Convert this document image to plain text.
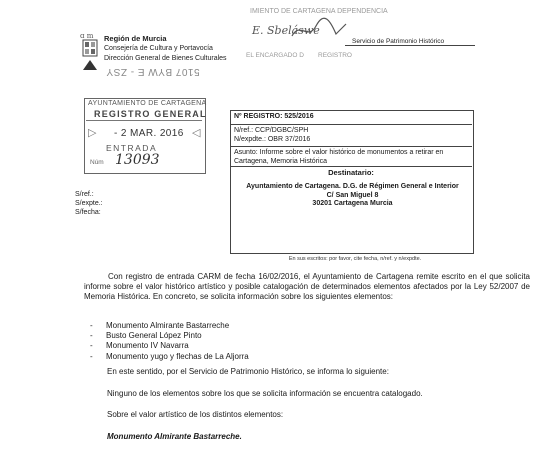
ɑ m Región de Murcia
Consejería de Cultura y Portavocía
Dirección General de Bienes Culturales
5107 BYW E - ZSY
IMIENTO DE CARTAGENA DEPENDENCIA
E. Sbeláswe
EL ENCARGADO D REGISTRO
Servicio de Patrimonio Histórico
AYUNTAMIENTO DE CARTAGENA
REGISTRO GENERAL
▷ - 2 MAR. 2016 ◁
ENTRADA
Núm 13093
Nº REGISTRO: 525/2016
N/ref.: CCP/DGBC/SPH
N/expdte.: OBR 37/2016
Asunto: Informe sobre el valor histórico de monumentos a retirar en Cartagena, Memoria Histórica
Destinatario:
Ayuntamiento de Cartagena. D.G. de Régimen General e Interior
C/ San Miguel 8
30201 Cartagena Murcia
En sus escritos: por favor, cite fecha, n/ref. y n/expdte.
S/ref.:
S/expte.:
S/fecha:
Con registro de entrada CARM de fecha 16/02/2016, el Ayuntamiento de Cartagena remite escrito en el que solicita informe sobre el valor histórico artístico y posible catalogación de determinados elementos afectados por la Ley 52/2007 de Memoria Histórica. En concreto, se solicita información sobre los siguientes elementos:
- Monumento Almirante Bastarreche
- Busto General López Pinto
- Monumento IV Navarra
- Monumento yugo y flechas de La Aljorra
En este sentido, por el Servicio de Patrimonio Histórico, se informa lo siguiente:
Ninguno de los elementos sobre los que se solicita información se encuentra catalogado.
Sobre el valor artístico de los distintos elementos:
Monumento Almirante Bastarreche.
